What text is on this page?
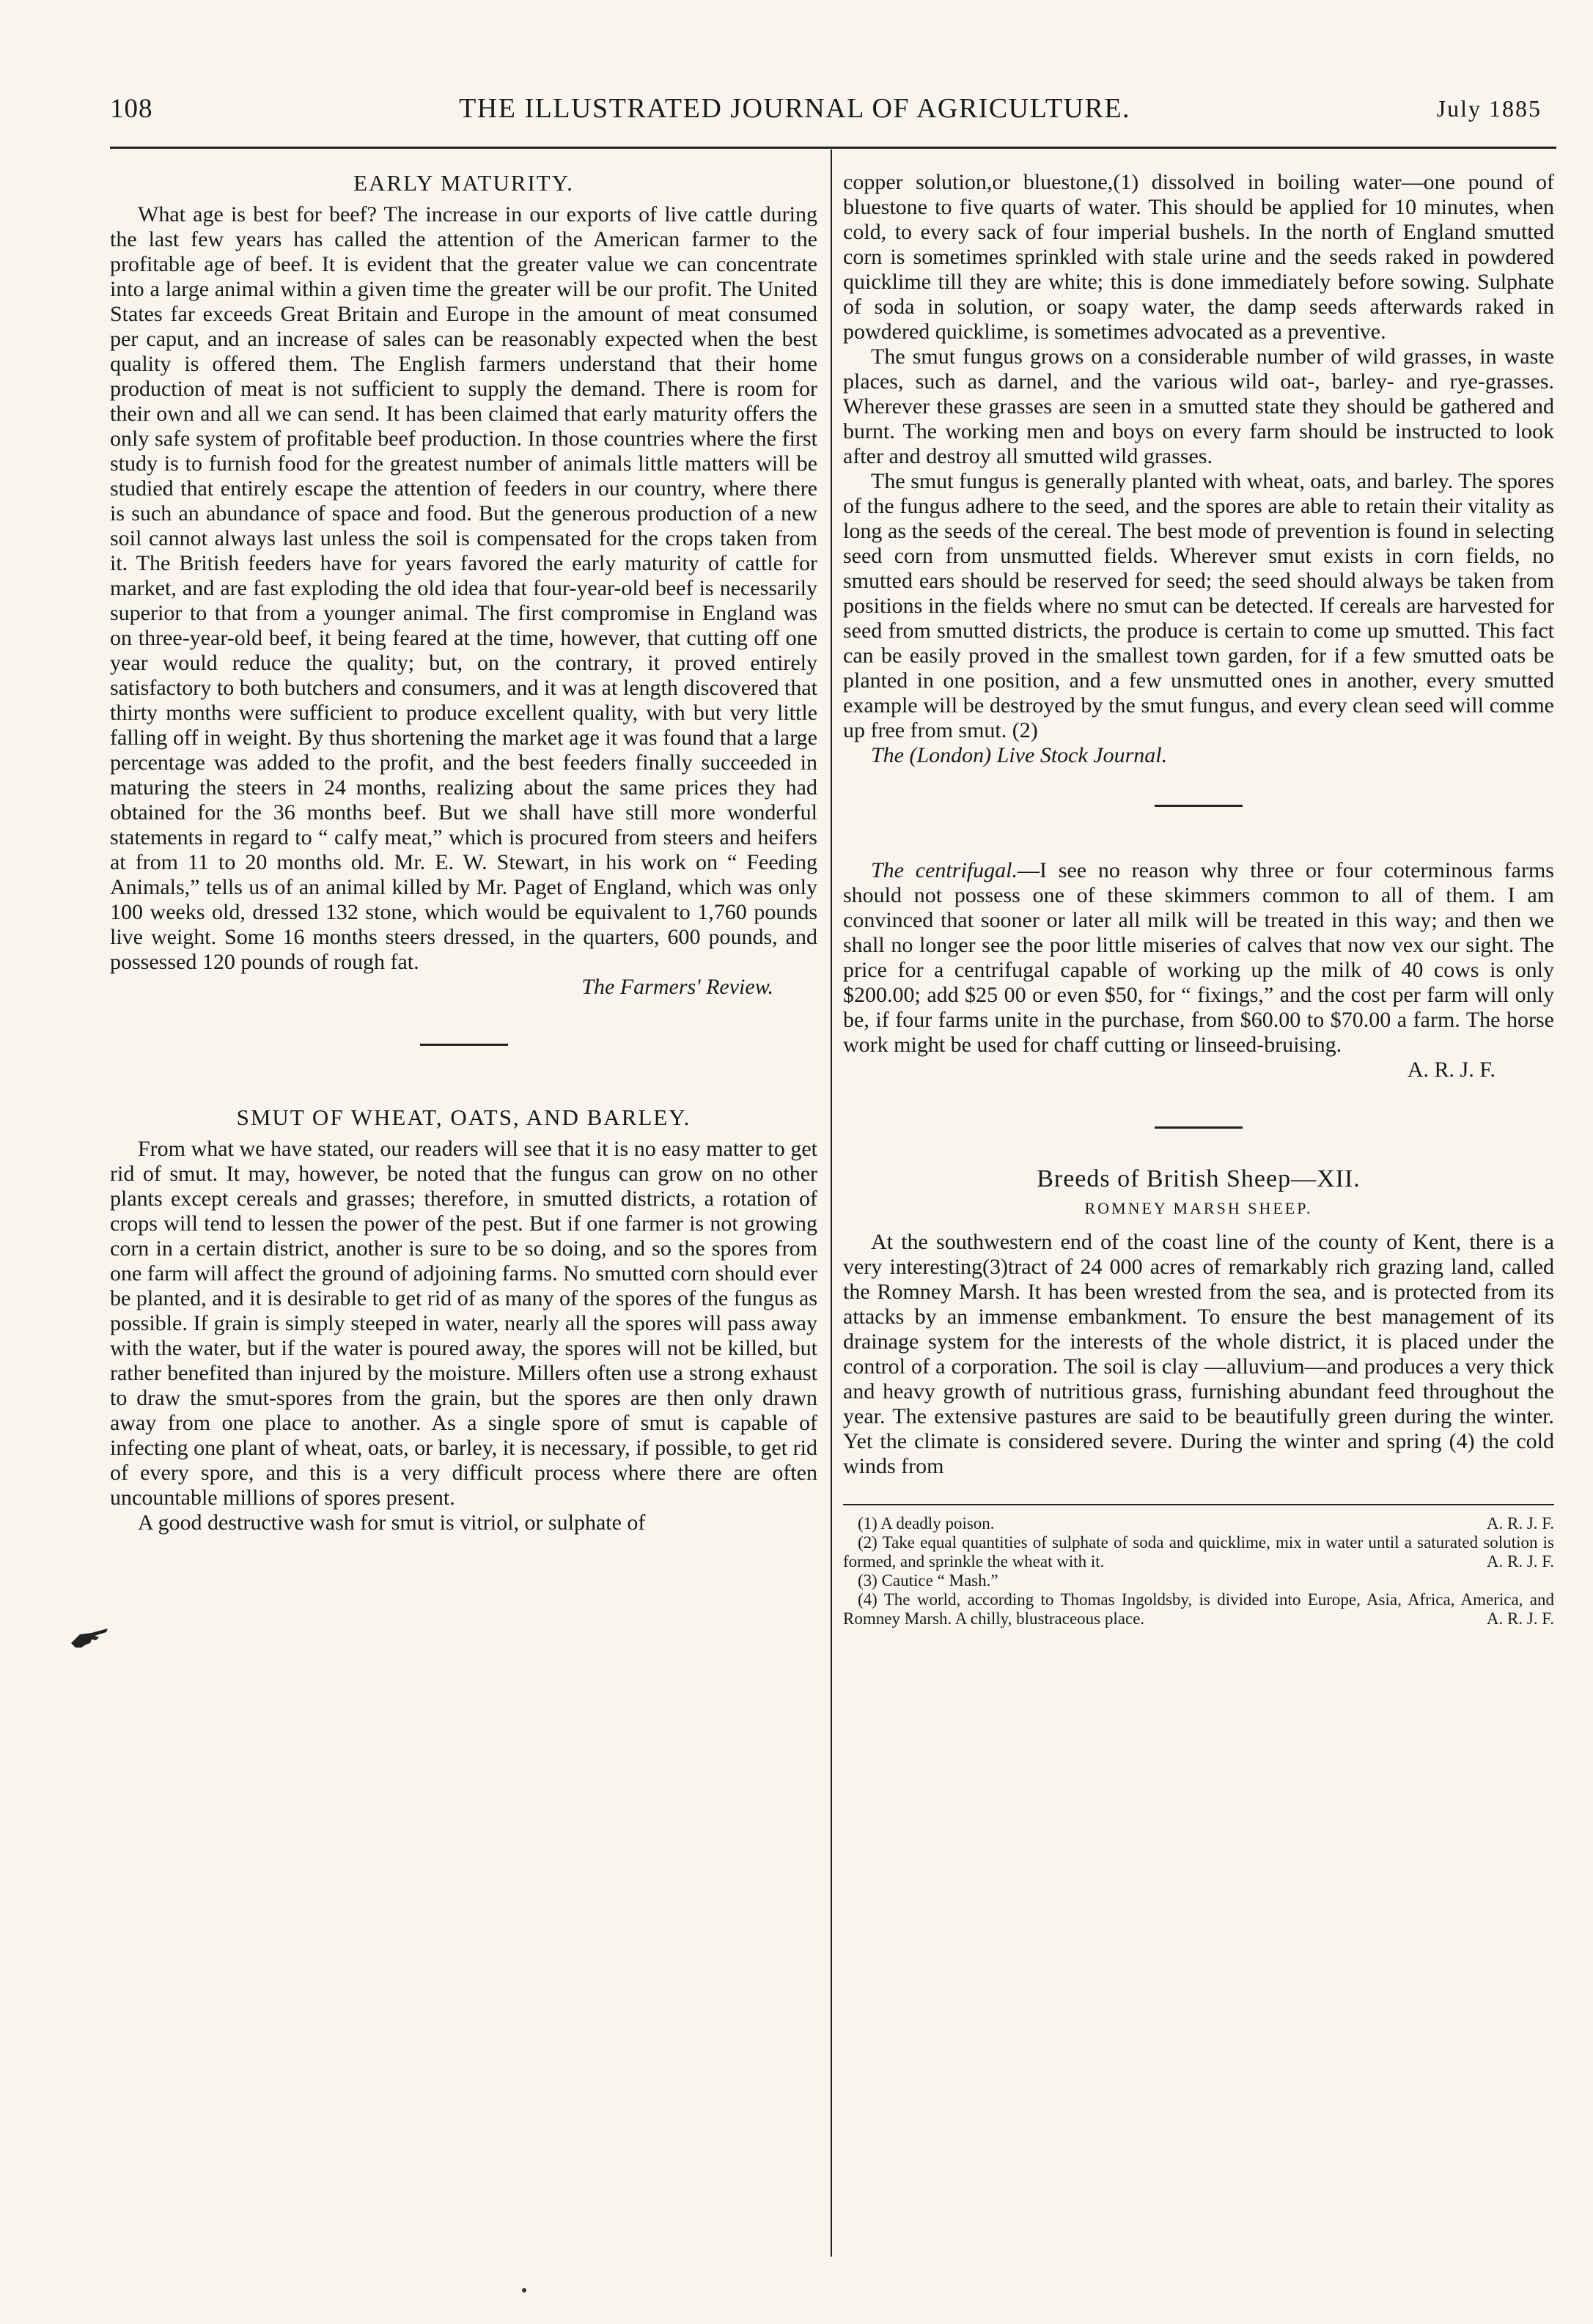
108	THE ILLUSTRATED JOURNAL OF AGRICULTURE.	July 1885
EARLY MATURITY.

What age is best for beef? The increase in our exports of live cattle during the last few years has called the attention of the American farmer to the profitable age of beef. It is evident that the greater value we can concentrate into a large animal within a given time the greater will be our profit. The United States far exceeds Great Britain and Europe in the amount of meat consumed per caput, and an increase of sales can be reasonably expected when the best quality is offered them. The English farmers understand that their home production of meat is not sufficient to supply the demand. There is room for their own and all we can send. It has been claimed that early maturity offers the only safe system of profitable beef production. In those countries where the first study is to furnish food for the greatest number of animals little matters will be studied that entirely escape the attention of feeders in our country, where there is such an abundance of space and food. But the generous production of a new soil cannot always last unless the soil is compensated for the crops taken from it. The British feeders have for years favored the early maturity of cattle for market, and are fast exploding the old idea that four-year-old beef is necessarily superior to that from a younger animal. The first compromise in England was on three-year-old beef, it being feared at the time, however, that cutting off one year would reduce the quality; but, on the contrary, it proved entirely satisfactory to both butchers and consumers, and it was at length discovered that thirty months were sufficient to produce excellent quality, with but very little falling off in weight. By thus shortening the market age it was found that a large percentage was added to the profit, and the best feeders finally succeeded in maturing the steers in 24 months, realizing about the same prices they had obtained for the 36 months beef. But we shall have still more wonderful statements in regard to “ calfy meat,” which is procured from steers and heifers at from 11 to 20 months old. Mr. E. W. Stewart, in his work on “ Feeding Animals,” tells us of an animal killed by Mr. Paget of England, which was only 100 weeks old, dressed 132 stone, which would be equivalent to 1,760 pounds live weight. Some 16 months steers dressed, in the quarters, 600 pounds, and possessed 120 pounds of rough fat.

The Farmers' Review.
SMUT OF WHEAT, OATS, AND BARLEY.

From what we have stated, our readers will see that it is no easy matter to get rid of smut. It may, however, be noted that the fungus can grow on no other plants except cereals and grasses; therefore, in smutted districts, a rotation of crops will tend to lessen the power of the pest. But if one farmer is not growing corn in a certain district, another is sure to be so doing, and so the spores from one farm will affect the ground of adjoining farms. No smutted corn should ever be planted, and it is desirable to get rid of as many of the spores of the fungus as possible. If grain is simply steeped in water, nearly all the spores will pass away with the water, but if the water is poured away, the spores will not be killed, but rather benefited than injured by the moisture. Millers often use a strong exhaust to draw the smut-spores from the grain, but the spores are then only drawn away from one place to another. As a single spore of smut is capable of infecting one plant of wheat, oats, or barley, it is necessary, if possible, to get rid of every spore, and this is a very difficult process where there are often uncountable millions of spores present.

A good destructive wash for smut is vitriol, or sulphate of

copper solution,or bluestone,(1) dissolved in boiling water—one pound of bluestone to five quarts of water. This should be applied for 10 minutes, when cold, to every sack of four imperial bushels. In the north of England smutted corn is sometimes sprinkled with stale urine and the seeds raked in powdered quicklime till they are white; this is done immediately before sowing. Sulphate of soda in solution, or soapy water, the damp seeds afterwards raked in powdered quicklime, is sometimes advocated as a preventive.

The smut fungus grows on a considerable number of wild grasses, in waste places, such as darnel, and the various wild oat-, barley- and rye-grasses. Wherever these grasses are seen in a smutted state they should be gathered and burnt. The working men and boys on every farm should be instructed to look after and destroy all smutted wild grasses.

The smut fungus is generally planted with wheat, oats, and barley. The spores of the fungus adhere to the seed, and the spores are able to retain their vitality as long as the seeds of the cereal. The best mode of prevention is found in selecting seed corn from unsmutted fields. Wherever smut exists in corn fields, no smutted ears should be reserved for seed; the seed should always be taken from positions in the fields where no smut can be detected. If cereals are harvested for seed from smutted districts, the produce is certain to come up smutted. This fact can be easily proved in the smallest town garden, for if a few smutted oats be planted in one position, and a few unsmutted ones in another, every smutted example will be destroyed by the smut fungus, and every clean seed will comme up free from smut. (2)

The (London) Live Stock Journal.

The centrifugal.—I see no reason why three or four coterminous farms should not possess one of these skimmers common to all of them. I am convinced that sooner or later all milk will be treated in this way; and then we shall no longer see the poor little miseries of calves that now vex our sight. The price for a centrifugal capable of working up the milk of 40 cows is only $200.00; add $25 00 or even $50, for “ fixings,” and the cost per farm will only be, if four farms unite in the purchase, from $60.00 to $70.00 a farm. The horse work might be used for chaff cutting or linseed-bruising.

A. R. J. F.
Breeds of British Sheep—XII.
ROMNEY MARSH SHEEP.

At the southwestern end of the coast line of the county of Kent, there is a very interesting(3)tract of 24 000 acres of remarkably rich grazing land, called the Romney Marsh. It has been wrested from the sea, and is protected from its attacks by an immense embankment. To ensure the best management of its drainage system for the interests of the whole district, it is placed under the control of a corporation. The soil is clay —alluvium—and produces a very thick and heavy growth of nutritious grass, furnishing abundant feed throughout the year. The extensive pastures are said to be beautifully green during the winter. Yet the climate is considered severe. During the winter and spring (4) the cold winds from

(1) A deadly poison.	A. R. J. F.
(2) Take equal quantities of sulphate of soda and quicklime, mix in water until a saturated solution is formed, and sprinkle the wheat with it.	A. R. J. F.
(3) Cautice “ Mash.”
(4) The world, according to Thomas Ingoldsby, is divided into Europe, Asia, Africa, America, and Romney Marsh. A chilly, blustraceous place.	A. R. J. F.
